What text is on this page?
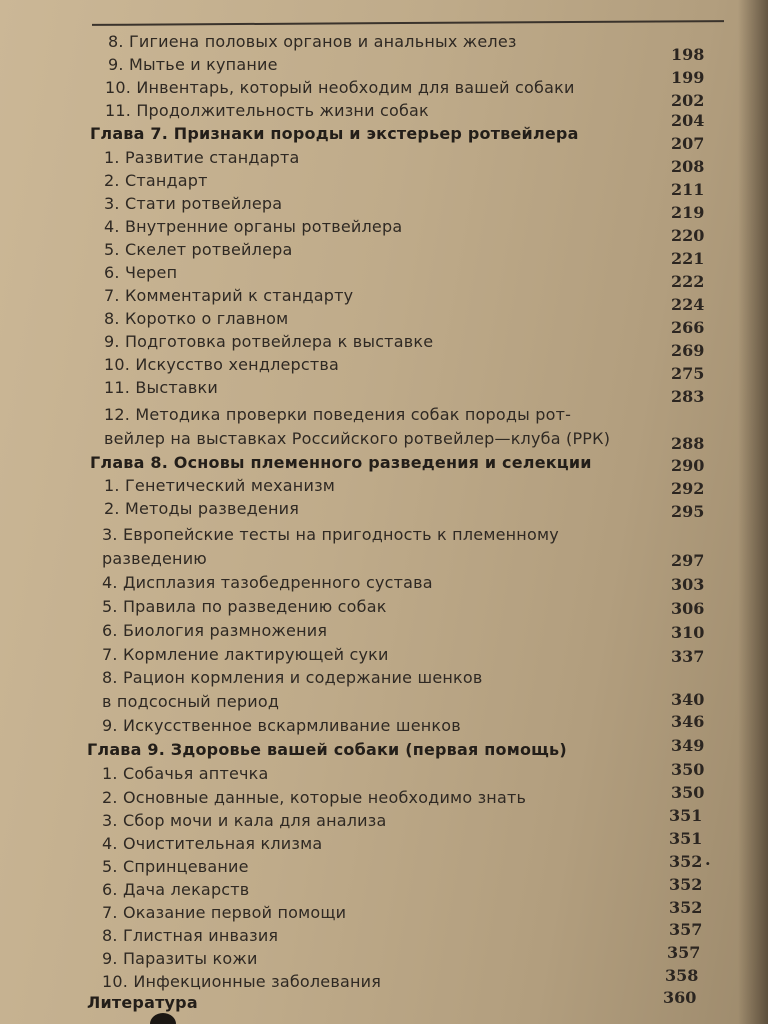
8. Гигиена половых органов и анальных желез
9. Мытье и купание
10. Инвентарь, который необходим для вашей собаки
11. Продолжительность жизни собак
Глава 7. Признаки породы и экстерьер ротвейлера
1. Развитие стандарта
2. Стандарт
3. Стати ротвейлера
4. Внутренние органы ротвейлера
5. Скелет ротвейлера
6. Череп
7. Комментарий к стандарту
8. Коротко о главном
9. Подготовка ротвейлера к выставке
10. Искусство хендлерства
11. Выставки
12. Методика проверки поведения собак породы рот-
вейлер на выставках Российского ротвейлер—клуба (РРК)
Глава 8. Основы племенного разведения и селекции
1. Генетический механизм
2. Методы разведения
3. Европейские тесты на пригодность к племенному
разведению
4. Дисплазия тазобедренного сустава
5. Правила по разведению собак
6. Биология размножения
7. Кормление лактирующей суки
8. Рацион кормления и содержание шенков
в подсосный период
9. Искусственное вскармливание шенков
Глава 9. Здоровье вашей собаки (первая помощь)
1. Собачья аптечка
2. Основные данные, которые необходимо знать
3. Сбор мочи и кала для анализа
4. Очистительная клизма
5. Спринцевание
6. Дача лекарств
7. Оказание первой помощи
8. Глистная инвазия
9. Паразиты кожи
10. Инфекционные заболевания
Литература
198
199
202
204
207
208
211
219
220
221
222
224
266
269
275
283
288
290
292
295
297
303
306
310
337
340
346
349
350
350
351
351
352 .
352
352
357
357
358
360
